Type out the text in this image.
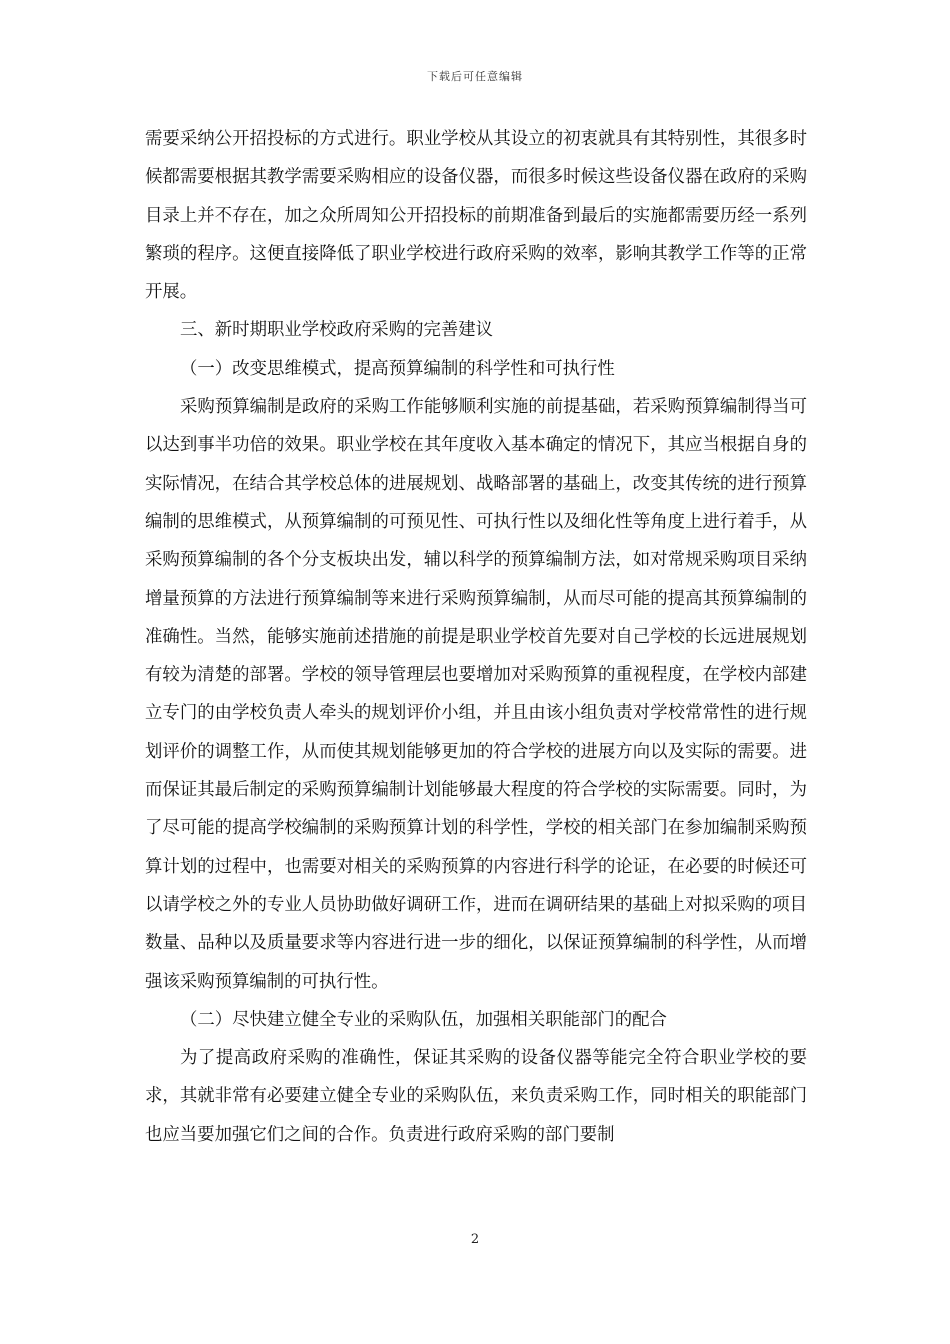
下载后可任意编辑

需要采纳公开招投标的方式进行。职业学校从其设立的初衷就具有其特别性，其很多时候都需要根据其教学需要采购相应的设备仪器，而很多时候这些设备仪器在政府的采购目录上并不存在，加之众所周知公开招投标的前期准备到最后的实施都需要历经一系列繁琐的程序。这便直接降低了职业学校进行政府采购的效率，影响其教学工作等的正常开展。

三、新时期职业学校政府采购的完善建议

（一）改变思维模式，提高预算编制的科学性和可执行性

采购预算编制是政府的采购工作能够顺利实施的前提基础，若采购预算编制得当可以达到事半功倍的效果。职业学校在其年度收入基本确定的情况下，其应当根据自身的实际情况，在结合其学校总体的进展规划、战略部署的基础上，改变其传统的进行预算编制的思维模式，从预算编制的可预见性、可执行性以及细化性等角度上进行着手，从采购预算编制的各个分支板块出发，辅以科学的预算编制方法，如对常规采购项目采纳增量预算的方法进行预算编制等来进行采购预算编制，从而尽可能的提高其预算编制的准确性。当然，能够实施前述措施的前提是职业学校首先要对自己学校的长远进展规划有较为清楚的部署。学校的领导管理层也要增加对采购预算的重视程度，在学校内部建立专门的由学校负责人牵头的规划评价小组，并且由该小组负责对学校常常性的进行规划评价的调整工作，从而使其规划能够更加的符合学校的进展方向以及实际的需要。进而保证其最后制定的采购预算编制计划能够最大程度的符合学校的实际需要。同时，为了尽可能的提高学校编制的采购预算计划的科学性，学校的相关部门在参加编制采购预算计划的过程中，也需要对相关的采购预算的内容进行科学的论证，在必要的时候还可以请学校之外的专业人员协助做好调研工作，进而在调研结果的基础上对拟采购的项目数量、品种以及质量要求等内容进行进一步的细化，以保证预算编制的科学性，从而增强该采购预算编制的可执行性。

（二）尽快建立健全专业的采购队伍，加强相关职能部门的配合

为了提高政府采购的准确性，保证其采购的设备仪器等能完全符合职业学校的要求，其就非常有必要建立健全专业的采购队伍，来负责采购工作，同时相关的职能部门也应当要加强它们之间的合作。负责进行政府采购的部门要制

2
